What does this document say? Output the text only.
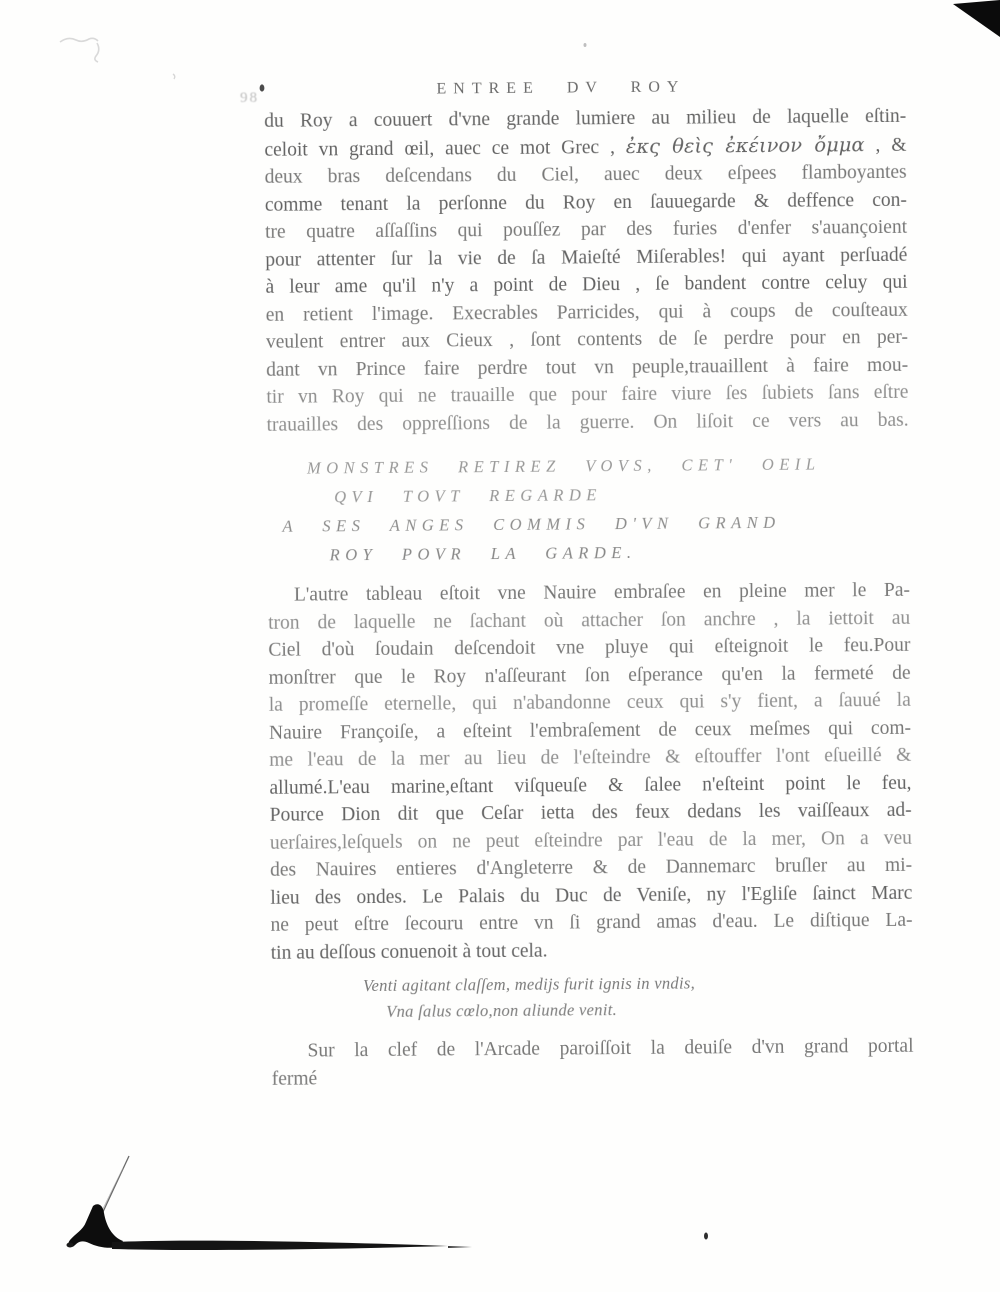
ENTREE DV ROY
98
du Roy a couuert d'vne grande lumiere au milieu de laquelle eſtin-
celoit vn grand œil, auec ce mot Grec , ἐκς θεὶς ἐκέινον ὄμμα , &
deux bras deſcendans du Ciel, auec deux eſpees flamboyantes
comme tenant la perſonne du Roy en ſauuegarde & deffence con-
tre quatre aſſaſſins qui pouſſez par des furies d'enfer s'auançoient
pour attenter ſur la vie de ſa Maieſté Miſerables! qui ayant perſuadé
à leur ame qu'il n'y a point de Dieu , ſe bandent contre celuy qui
en retient l'image. Execrables Parricides, qui à coups de couſteaux
veulent entrer aux Cieux , ſont contents de ſe perdre pour en per-
dant vn Prince faire perdre tout vn peuple,trauaillent à faire mou-
tir vn Roy qui ne trauaille que pour faire viure ſes ſubiets ſans eſtre
trauailles des oppreſſions de la guerre. On liſoit ce vers au bas.
MONSTRES RETIREZ VOVS, CET' OEIL
QVI TOVT REGARDE
A SES ANGES COMMIS D'VN GRAND
ROY POVR LA GARDE.
L'autre tableau eſtoit vne Nauire embraſee en pleine mer le Pa-
tron de laquelle ne ſachant où attacher ſon anchre , la iettoit au
Ciel d'où ſoudain deſcendoit vne pluye qui eſteignoit le feu.Pour
monſtrer que le Roy n'aſſeurant ſon eſperance qu'en la fermeté de
la promeſſe eternelle, qui n'abandonne ceux qui s'y fient, a ſauué la
Nauire Françoiſe, a eſteint l'embraſement de ceux meſmes qui com-
me l'eau de la mer au lieu de l'eſteindre & eſtouffer l'ont eſueillé &
allumé.L'eau marine,eſtant viſqueuſe & ſalee n'eſteint point le feu,
Pource Dion dit que Ceſar ietta des feux dedans les vaiſſeaux ad-
uerſaires,leſquels on ne peut eſteindre par l'eau de la mer, On a veu
des Nauires entieres d'Angleterre & de Dannemarc bruſler au mi-
lieu des ondes. Le Palais du Duc de Veniſe, ny l'Egliſe ſainct Marc
ne peut eſtre ſecouru entre vn ſi grand amas d'eau. Le diſtique La-
tin au deſſous conuenoit à tout cela.
Venti agitant claſſem, medijs furit ignis in vndis,
Vna ſalus cœlo,non aliunde venit.
Sur la clef de l'Arcade paroiſſoit la deuiſe d'vn grand portal
fermé
